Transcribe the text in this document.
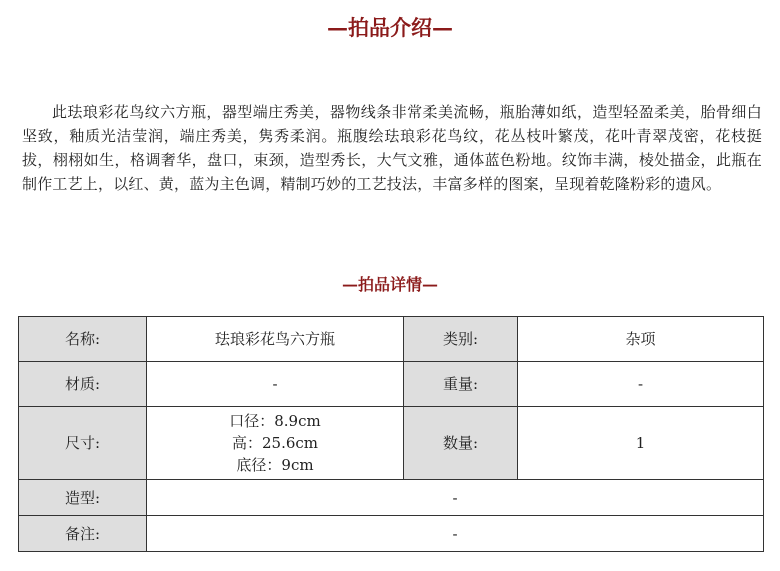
—拍品介绍—

此珐琅彩花鸟纹六方瓶，器型端庄秀美，器物线条非常柔美流畅，瓶胎薄如纸，造型轻盈柔美，胎骨细白坚致，釉质光洁莹润，端庄秀美，隽秀柔润。瓶腹绘珐琅彩花鸟纹，花丛枝叶繁茂，花叶青翠茂密，花枝挺拔，栩栩如生，格调奢华，盘口，束颈，造型秀长，大气文雅，通体蓝色粉地。纹饰丰满，棱处描金，此瓶在制作工艺上，以红、黄，蓝为主色调，精制巧妙的工艺技法，丰富多样的图案，呈现着乾隆粉彩的遗风。

—拍品详情—
名称:	珐琅彩花鸟六方瓶	类别:	杂项
材质:	-	重量:	-
尺寸:	口径：8.9cm
高：25.6cm
底径：9cm	数量:	1
造型:	-		
备注:	-		
